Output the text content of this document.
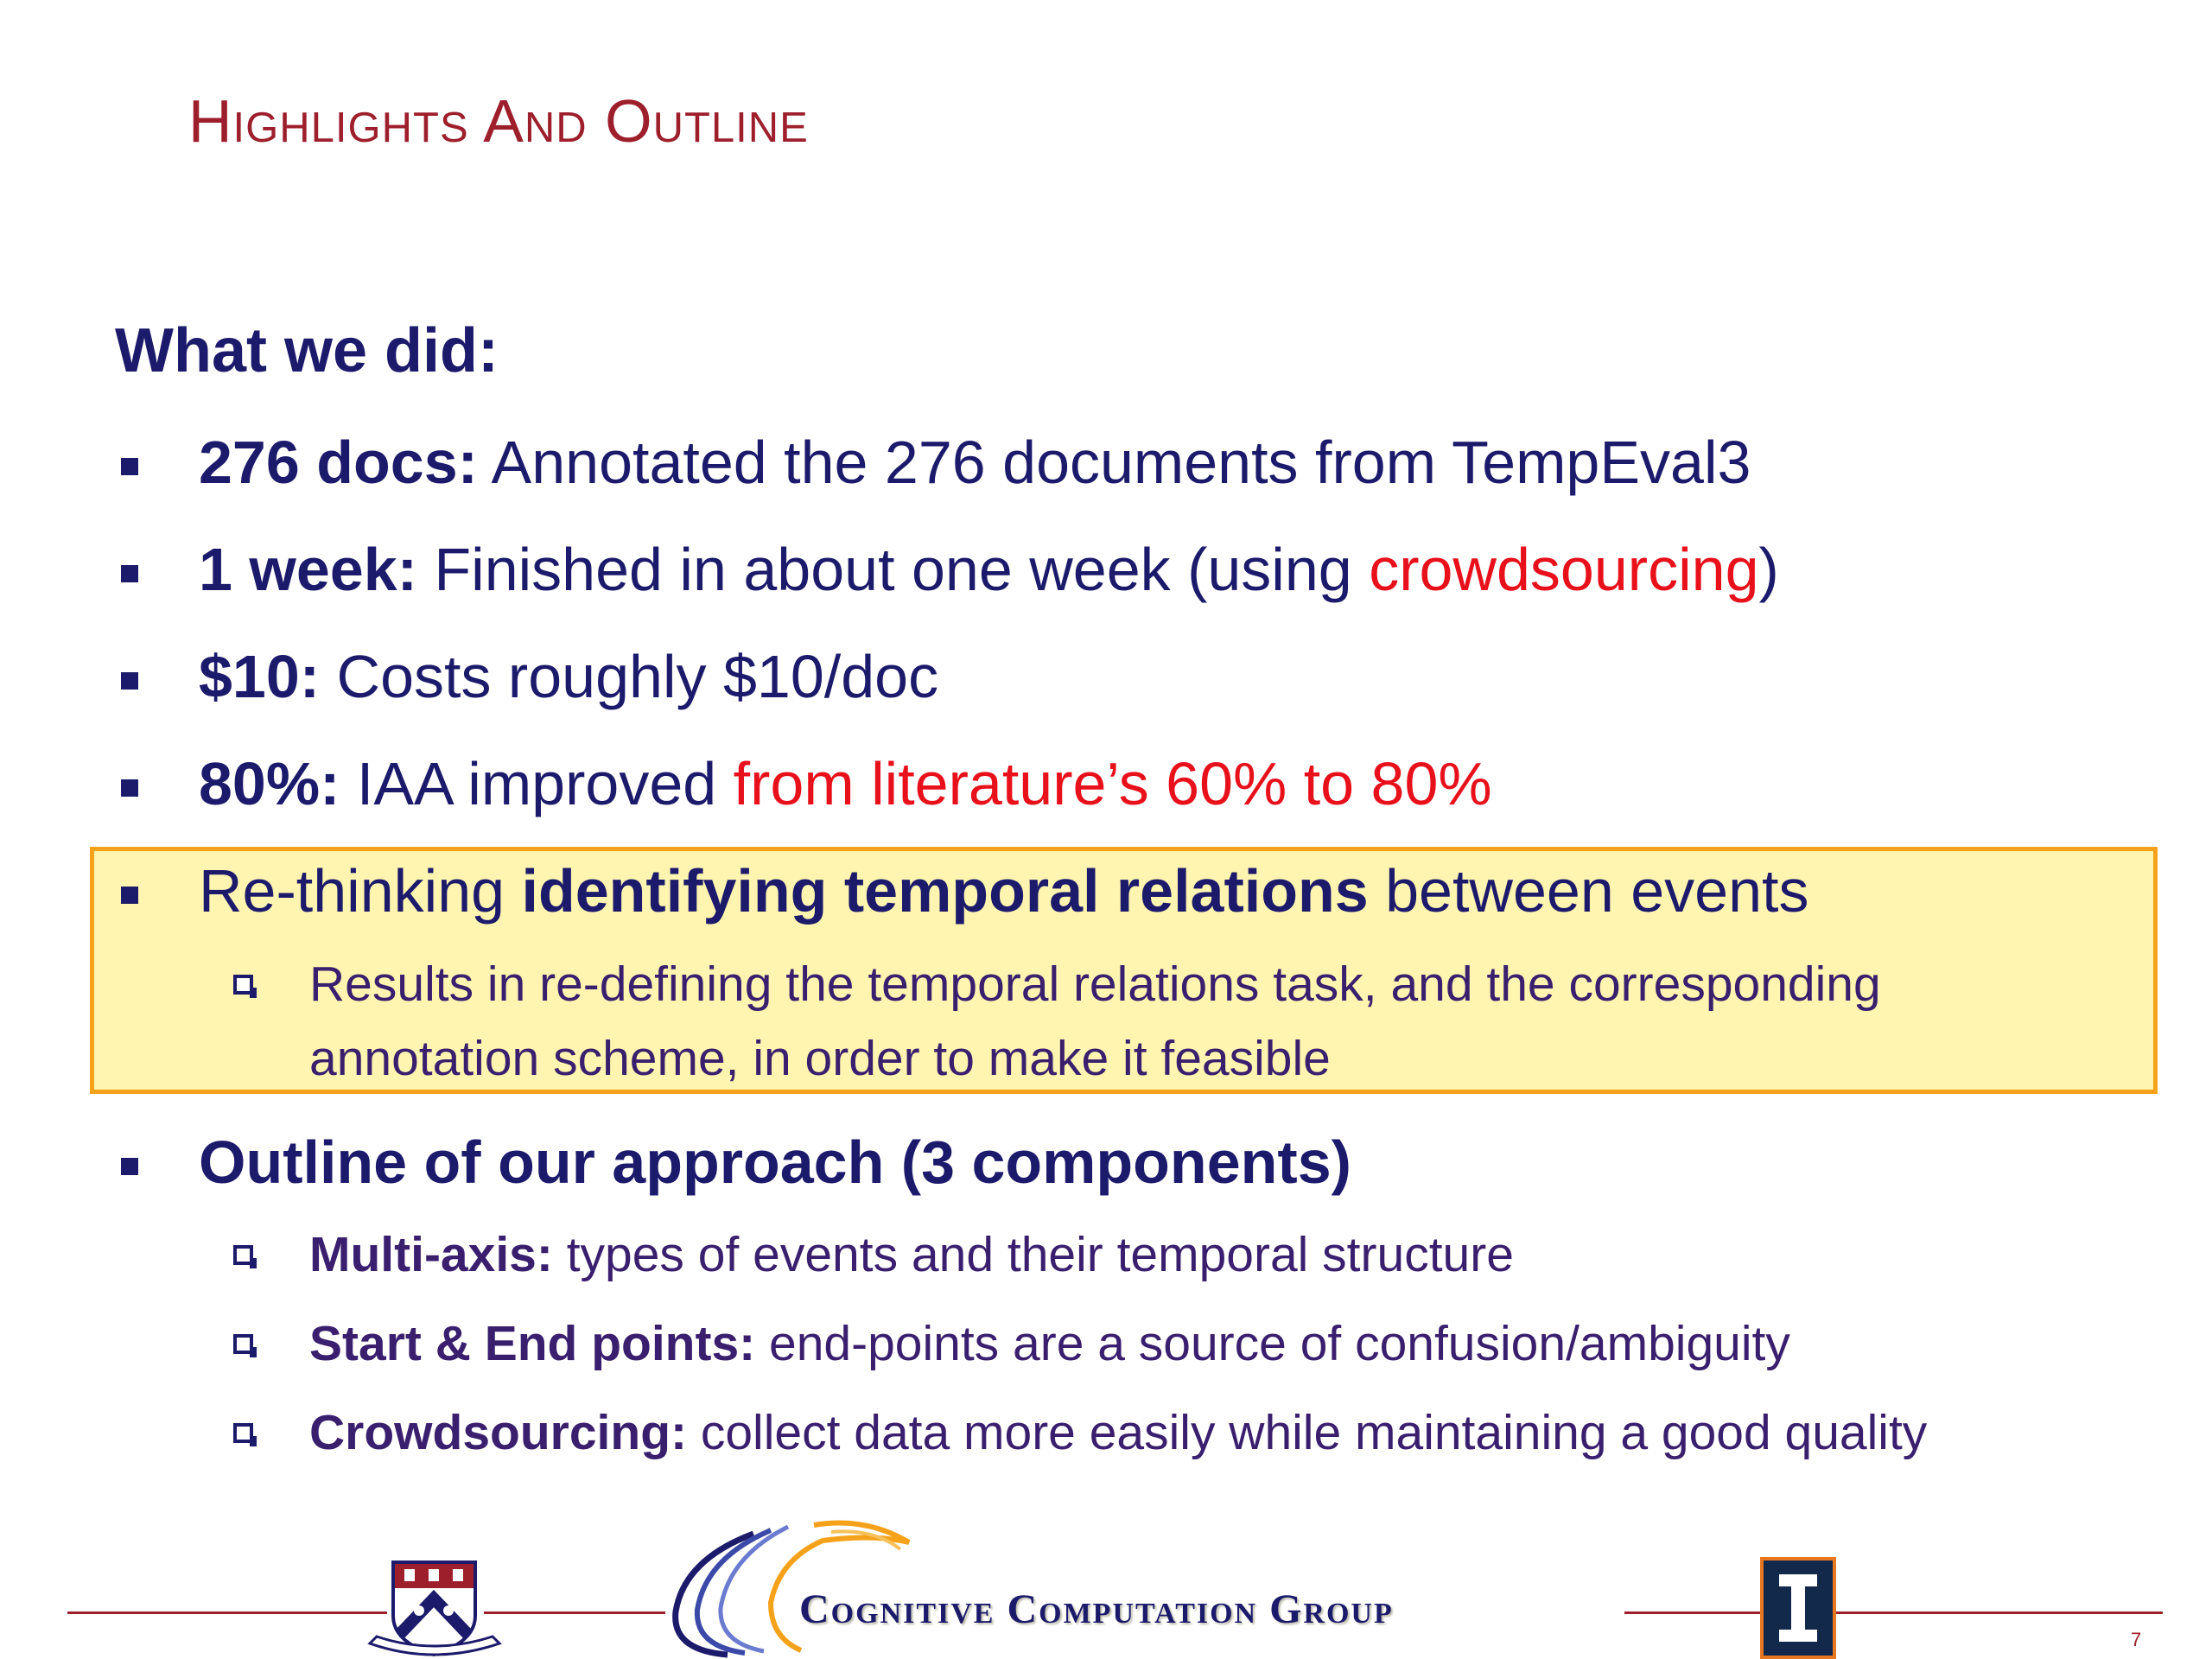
Highlights And Outline
What we did:
276 docs: Annotated the 276 documents from TempEval3
1 week: Finished in about one week (using crowdsourcing)
$10: Costs roughly $10/doc
80%: IAA improved from literature’s 60% to 80%
Re-thinking identifying temporal relations between events
Results in re-defining the temporal relations task, and the corresponding
annotation scheme, in order to make it feasible
Outline of our approach (3 components)
Multi-axis: types of events and their temporal structure
Start & End points: end-points are a source of confusion/ambiguity
Crowdsourcing: collect data more easily while maintaining a good quality
Cognitive Computation Group
7
